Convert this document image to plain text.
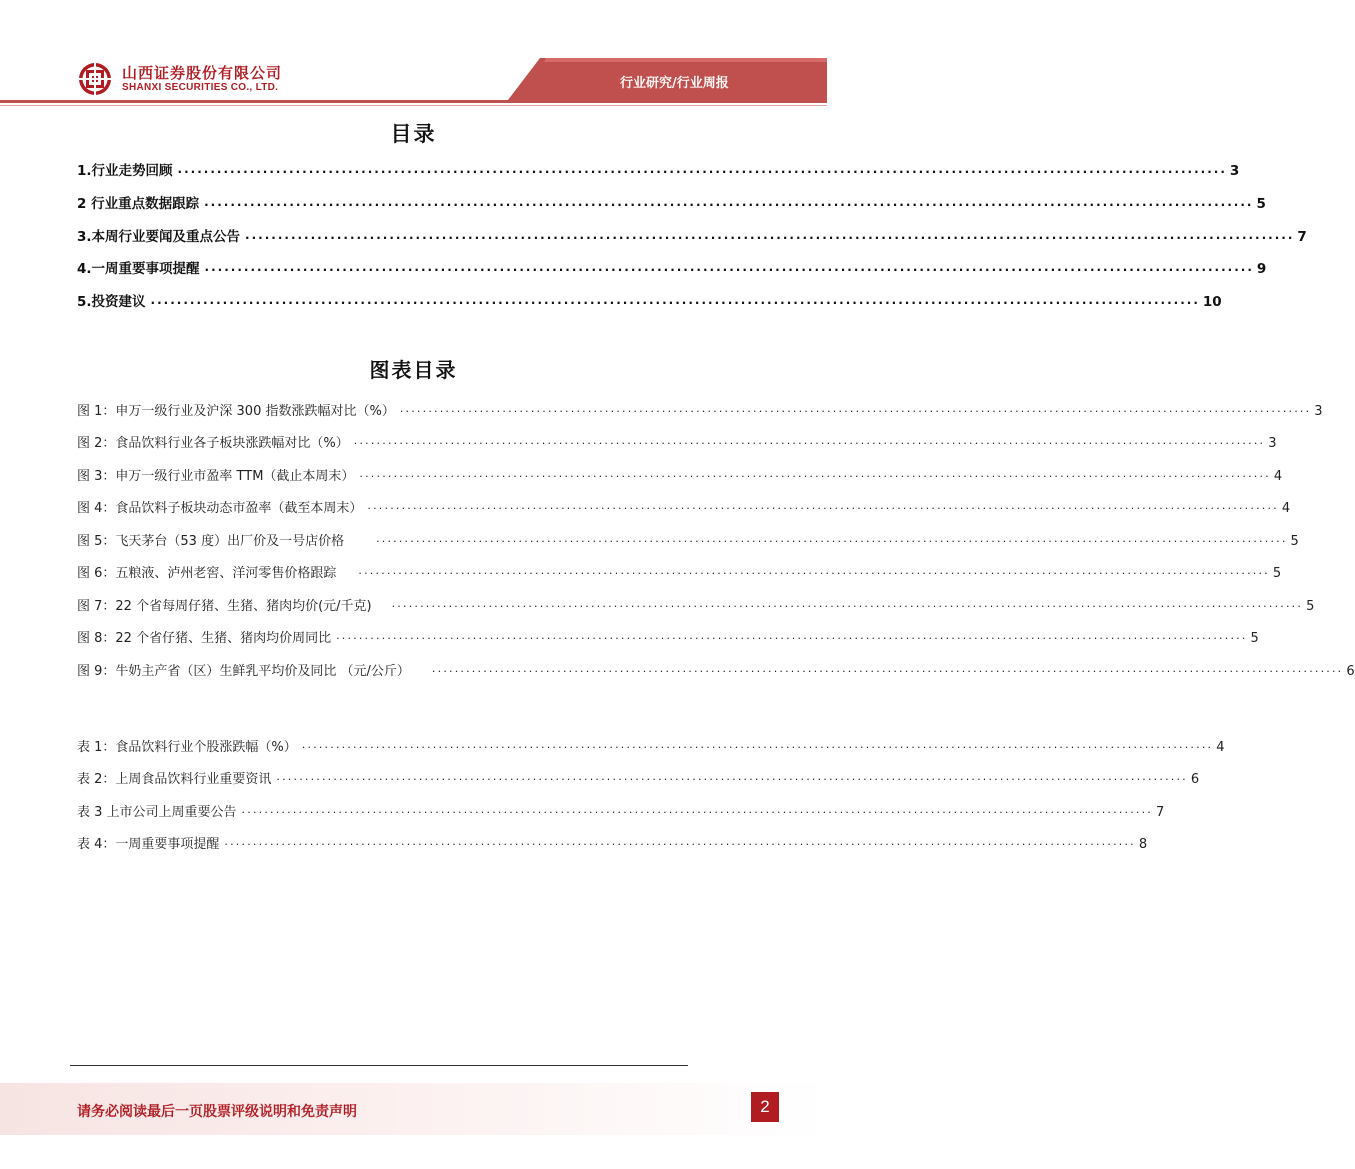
山西证券股份有限公司
SHANXI SECURITIES CO., LTD.	行业研究/行业周报
目录
1.行业走势回顾 ................................................................................................................................................................ 3
2 行业重点数据跟踪 ................................................................................................................................................................ 5
3.本周行业要闻及重点公告 ................................................................................................................................................................ 7
4.一周重要事项提醒 ................................................................................................................................................................ 9
5.投资建议 ................................................................................................................................................................ 10
图表目录
图 1：申万一级行业及沪深 300 指数涨跌幅对比（%） ................................................................................................................................................................ 3
图 2：食品饮料行业各子板块涨跌幅对比（%） ................................................................................................................................................................ 3
图 3：申万一级行业市盈率 TTM（截止本周末） ................................................................................................................................................................ 4
图 4：食品饮料子板块动态市盈率（截至本周末） ................................................................................................................................................................ 4
图 5：飞天茅台（53 度）出厂价及一号店价格	................................................................................................................................................................ 5
图 6：五粮液、泸州老窖、洋河零售价格跟踪 ................................................................................................................................................................ 5
图 7：22 个省每周仔猪、生猪、猪肉均价(元/千克) ................................................................................................................................................................ 5
图 8：22 个省仔猪、生猪、猪肉均价周同比 ................................................................................................................................................................ 5
图 9：牛奶主产省（区）生鲜乳平均价及同比 （元/公斤） ................................................................................................................................................................ 6
表 1：食品饮料行业个股涨跌幅（%） ................................................................................................................................................................ 4
表 2：上周食品饮料行业重要资讯 ................................................................................................................................................................ 6
表 3 上市公司上周重要公告 ................................................................................................................................................................ 7
表 4：一周重要事项提醒 ................................................................................................................................................................ 8
请务必阅读最后一页股票评级说明和免责声明	2
